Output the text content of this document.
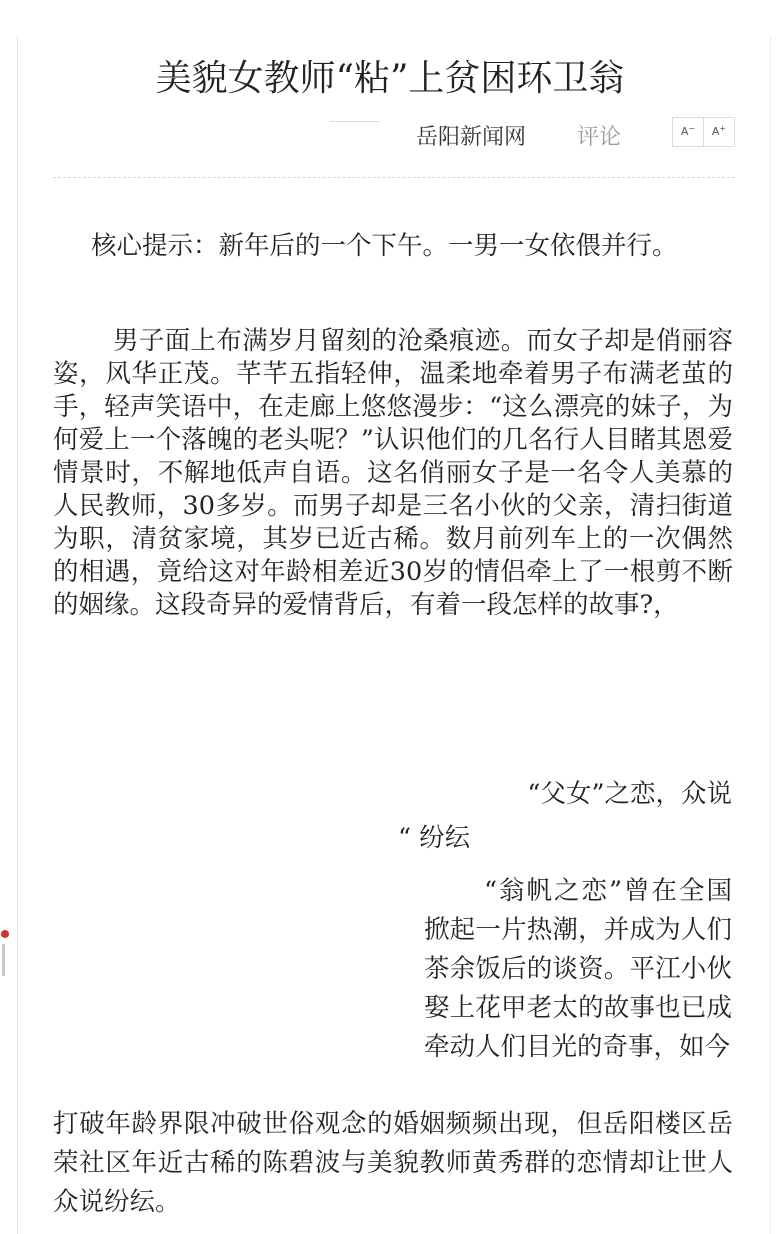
美貌女教师“粘”上贫困环卫翁
岳阳新闻网 评论	A−	A+

核心提示：新年后的一个下午。一男一女依偎并行。

男子面上布满岁月留刻的沧桑痕迹。而女子却是俏丽容姿，风华正茂。芊芊五指轻伸，温柔地牵着男子布满老茧的手，轻声笑语中，在走廊上悠悠漫步：“这么漂亮的妹子，为何爱上一个落魄的老头呢？”认识他们的几名行人目睹其恩爱情景时，不解地低声自语。这名俏丽女子是一名令人美慕的人民教师，30多岁。而男子却是三名小伙的父亲，清扫街道为职，清贫家境，其岁已近古稀。数月前列车上的一次偶然的相遇，竟给这对年龄相差近30岁的情侣牵上了一根剪不断的姻缘。这段奇异的爱情背后，有着一段怎样的故事?，

“父女”之恋，众说
“ 纷纭

“翁帆之恋”曾在全国掀起一片热潮，并成为人们茶余饭后的谈资。平江小伙娶上花甲老太的故事也已成牵动人们目光的奇事，如今

打破年龄界限冲破世俗观念的婚姻频频出现，但岳阳楼区岳荣社区年近古稀的陈碧波与美貌教师黄秀群的恋情却让世人众说纷纭。
